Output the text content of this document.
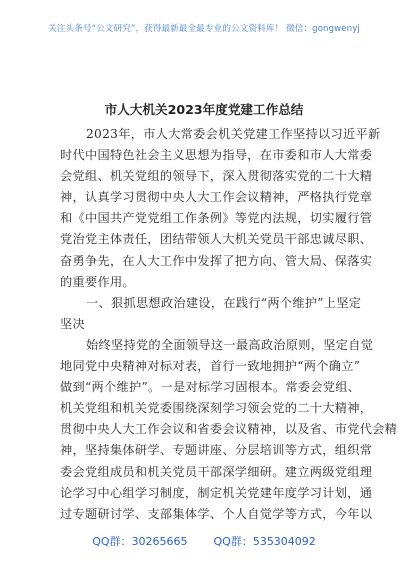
关注头条号“公文研究”，获得最新最全最专业的公文资料库！ 微信：gongwenyj
市人大机关2023年度党建工作总结
2023年，市人大常委会机关党建工作坚持以习近平新
时代中国特色社会主义思想为指导，在市委和市人大常委
会党组、机关党组的领导下，深入贯彻落实党的二十大精
神，认真学习贯彻中央人大工作会议精神，严格执行党章
和《中国共产党党组工作条例》等党内法规，切实履行管
党治党主体责任，团结带领人大机关党员干部忠诚尽职、
奋勇争先，在人大工作中发挥了把方向、管大局、保落实
的重要作用。
一、狠抓思想政治建设，在践行“两个维护”上坚定
坚决
始终坚持党的全面领导这一最高政治原则，坚定自觉
地同党中央精神对标对表，首行一致地拥护“两个确立”
做到“两个维护”。一是对标学习固根本。常委会党组、
机关党组和机关党委围绕深刻学习领会党的二十大精神，
贯彻中央人大工作会议和省委会议精神，以及省、市党代会精
神，坚持集体研学、专题讲座、分层培训等方式，组织常
委会党组成员和机关党员干部深学细研。建立两级党组理
论学习中心组学习制度，制定机关党建年度学习计划，通
过专题研讨学、支部集体学、个人自觉学等方式，今年以
QQ群：30265665 QQ群：535304092
